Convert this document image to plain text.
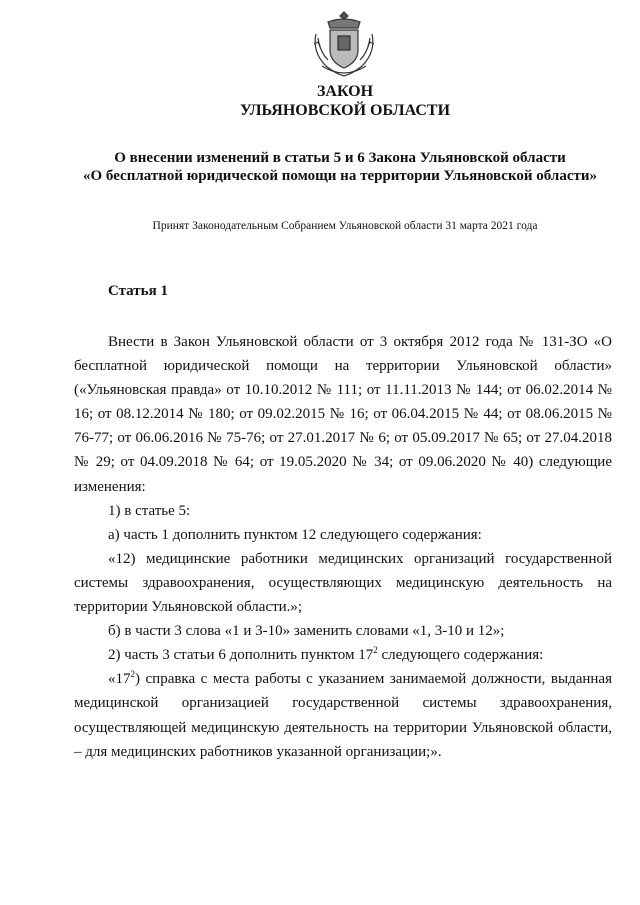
ЗАКОН
УЛЬЯНОВСКОЙ ОБЛАСТИ
О внесении изменений в статьи 5 и 6 Закона Ульяновской области
«О бесплатной юридической помощи на территории Ульяновской области»
Принят Законодательным Собранием Ульяновской области 31 марта 2021 года
Статья 1

Внести в Закон Ульяновской области от 3 октября 2012 года № 131-ЗО «О бесплатной юридической помощи на территории Ульяновской области» («Ульяновская правда» от 10.10.2012 № 111; от 11.11.2013 № 144; от 06.02.2014 № 16; от 08.12.2014 № 180; от 09.02.2015 № 16; от 06.04.2015 № 44; от 08.06.2015 № 76-77; от 06.06.2016 № 75-76; от 27.01.2017 № 6; от 05.09.2017 № 65; от 27.04.2018 № 29; от 04.09.2018 № 64; от 19.05.2020 № 34; от 09.06.2020 № 40) следующие изменения:

1) в статье 5:

а) часть 1 дополнить пунктом 12 следующего содержания:

«12) медицинские работники медицинских организаций государственной системы здравоохранения, осуществляющих медицинскую деятельность на территории Ульяновской области.»;

б) в части 3 слова «1 и 3-10» заменить словами «1, 3-10 и 12»;

2) часть 3 статьи 6 дополнить пунктом $17^2$ следующего содержания:

«$17^2$) справка с места работы с указанием занимаемой должности, выданная медицинской организацией государственной системы здравоохранения, осуществляющей медицинскую деятельность на территории Ульяновской области, – для медицинских работников указанной организации;».
